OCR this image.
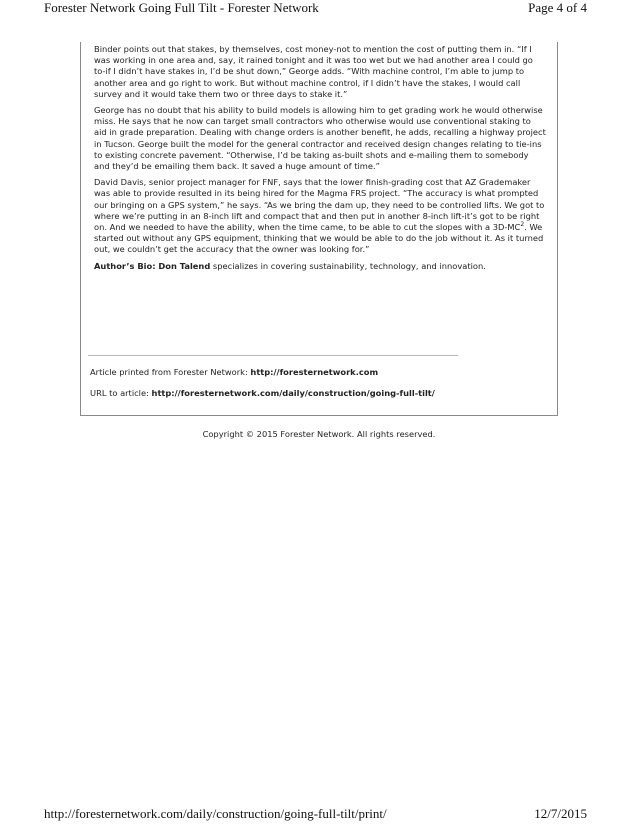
Forester Network Going Full Tilt - Forester Network	Page 4 of 4

Binder points out that stakes, by themselves, cost money-not to mention the cost of putting them in. “If I was working in one area and, say, it rained tonight and it was too wet but we had another area I could go to-if I didn’t have stakes in, I’d be shut down,” George adds. “With machine control, I’m able to jump to another area and go right to work. But without machine control, if I didn’t have the stakes, I would call survey and it would take them two or three days to stake it.”

George has no doubt that his ability to build models is allowing him to get grading work he would otherwise miss. He says that he now can target small contractors who otherwise would use conventional staking to aid in grade preparation. Dealing with change orders is another benefit, he adds, recalling a highway project in Tucson. George built the model for the general contractor and received design changes relating to tie-ins to existing concrete pavement. “Otherwise, I’d be taking as-built shots and e-mailing them to somebody and they’d be emailing them back. It saved a huge amount of time.”

David Davis, senior project manager for FNF, says that the lower finish-grading cost that AZ Grademaker was able to provide resulted in its being hired for the Magma FRS project. “The accuracy is what prompted our bringing on a GPS system,” he says. “As we bring the dam up, they need to be controlled lifts. We got to where we’re putting in an 8-inch lift and compact that and then put in another 8-inch lift-it’s got to be right on. And we needed to have the ability, when the time came, to be able to cut the slopes with a $3D-MC^2$. We started out without any GPS equipment, thinking that we would be able to do the job without it. As it turned out, we couldn’t get the accuracy that the owner was looking for.”

Author’s Bio: Don Talend specializes in covering sustainability, technology, and innovation.

Article printed from Forester Network: http://foresternetwork.com
URL to article: http://foresternetwork.com/daily/construction/going-full-tilt/
Copyright © 2015 Forester Network. All rights reserved.
http://foresternetwork.com/daily/construction/going-full-tilt/print/	12/7/2015
